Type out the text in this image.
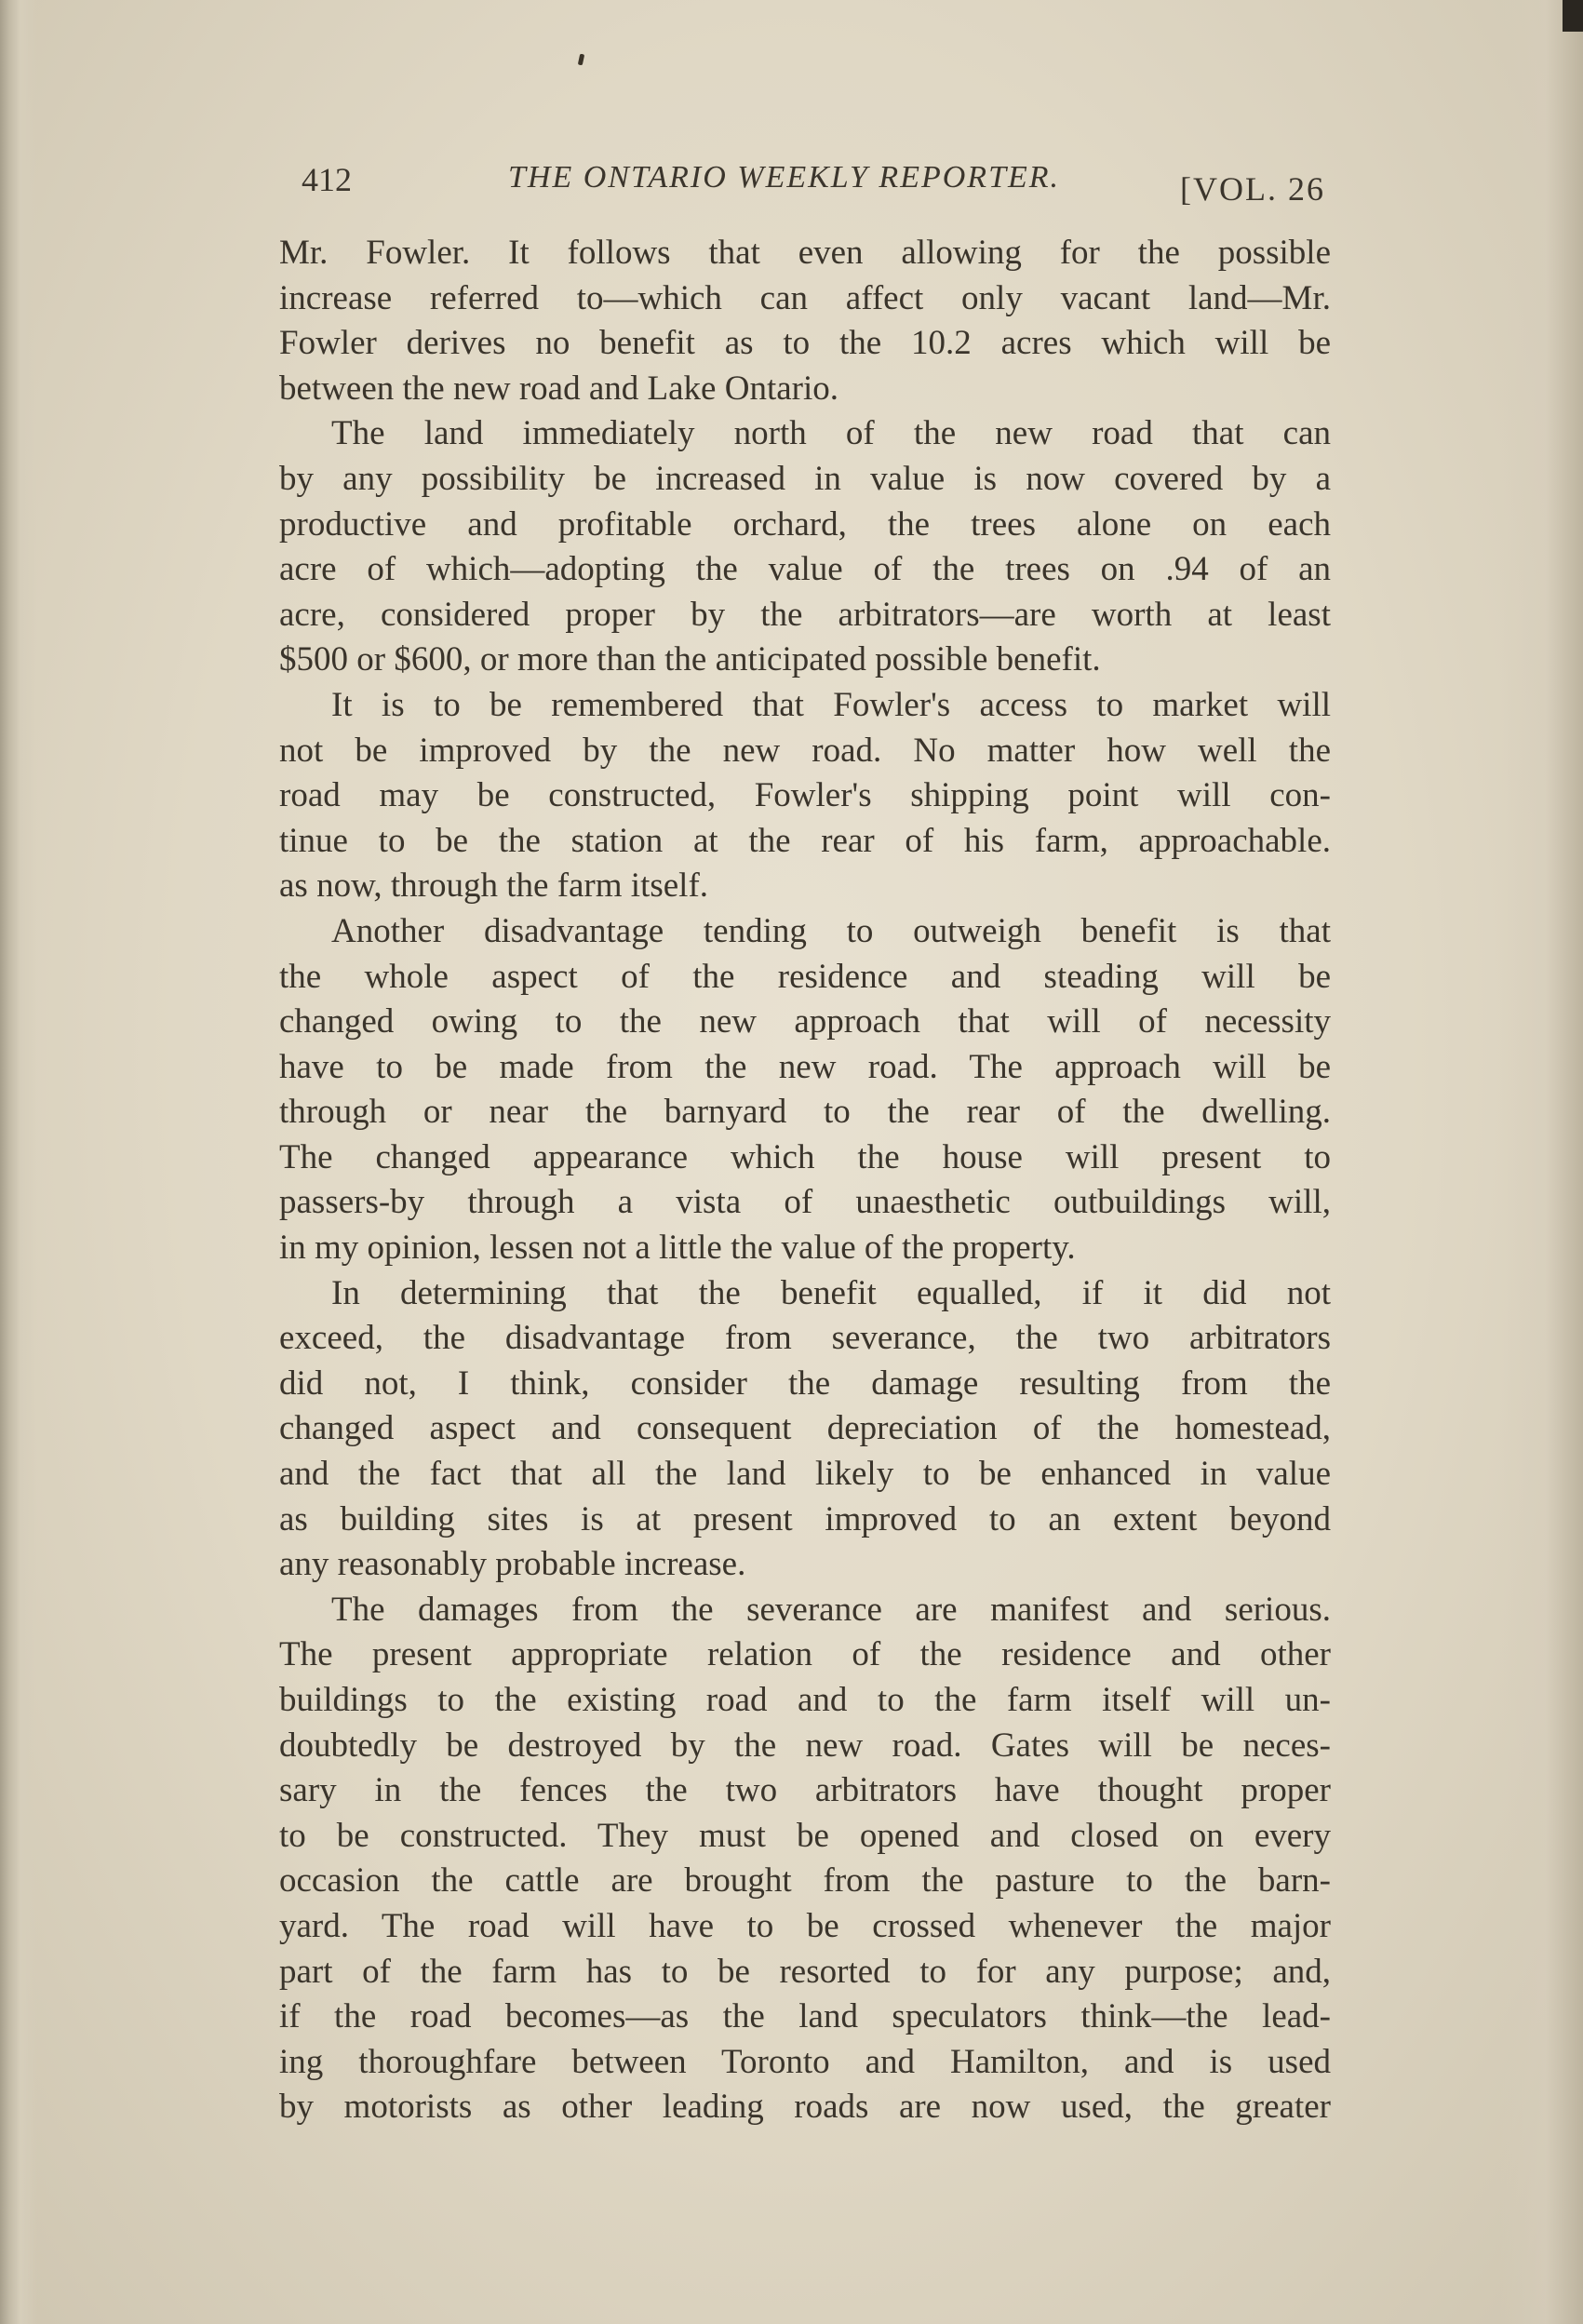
412	THE ONTARIO WEEKLY REPORTER.	[VOL. 26

Mr. Fowler. It follows that even allowing for the possible
increase referred to—which can affect only vacant land—Mr.
Fowler derives no benefit as to the 10.2 acres which will be
between the new road and Lake Ontario.

The land immediately north of the new road that can
by any possibility be increased in value is now covered by a
productive and profitable orchard, the trees alone on each
acre of which—adopting the value of the trees on .94 of an
acre, considered proper by the arbitrators—are worth at least
$500 or $600, or more than the anticipated possible benefit.

It is to be remembered that Fowler's access to market will
not be improved by the new road. No matter how well the
road may be constructed, Fowler's shipping point will con-
tinue to be the station at the rear of his farm, approachable.
as now, through the farm itself.

Another disadvantage tending to outweigh benefit is that
the whole aspect of the residence and steading will be
changed owing to the new approach that will of necessity
have to be made from the new road. The approach will be
through or near the barnyard to the rear of the dwelling.
The changed appearance which the house will present to
passers-by through a vista of unaesthetic outbuildings will,
in my opinion, lessen not a little the value of the property.

In determining that the benefit equalled, if it did not
exceed, the disadvantage from severance, the two arbitrators
did not, I think, consider the damage resulting from the
changed aspect and consequent depreciation of the homestead,
and the fact that all the land likely to be enhanced in value
as building sites is at present improved to an extent beyond
any reasonably probable increase.

The damages from the severance are manifest and serious.
The present appropriate relation of the residence and other
buildings to the existing road and to the farm itself will un-
doubtedly be destroyed by the new road. Gates will be neces-
sary in the fences the two arbitrators have thought proper
to be constructed. They must be opened and closed on every
occasion the cattle are brought from the pasture to the barn-
yard. The road will have to be crossed whenever the major
part of the farm has to be resorted to for any purpose; and,
if the road becomes—as the land speculators think—the lead-
ing thoroughfare between Toronto and Hamilton, and is used
by motorists as other leading roads are now used, the greater
